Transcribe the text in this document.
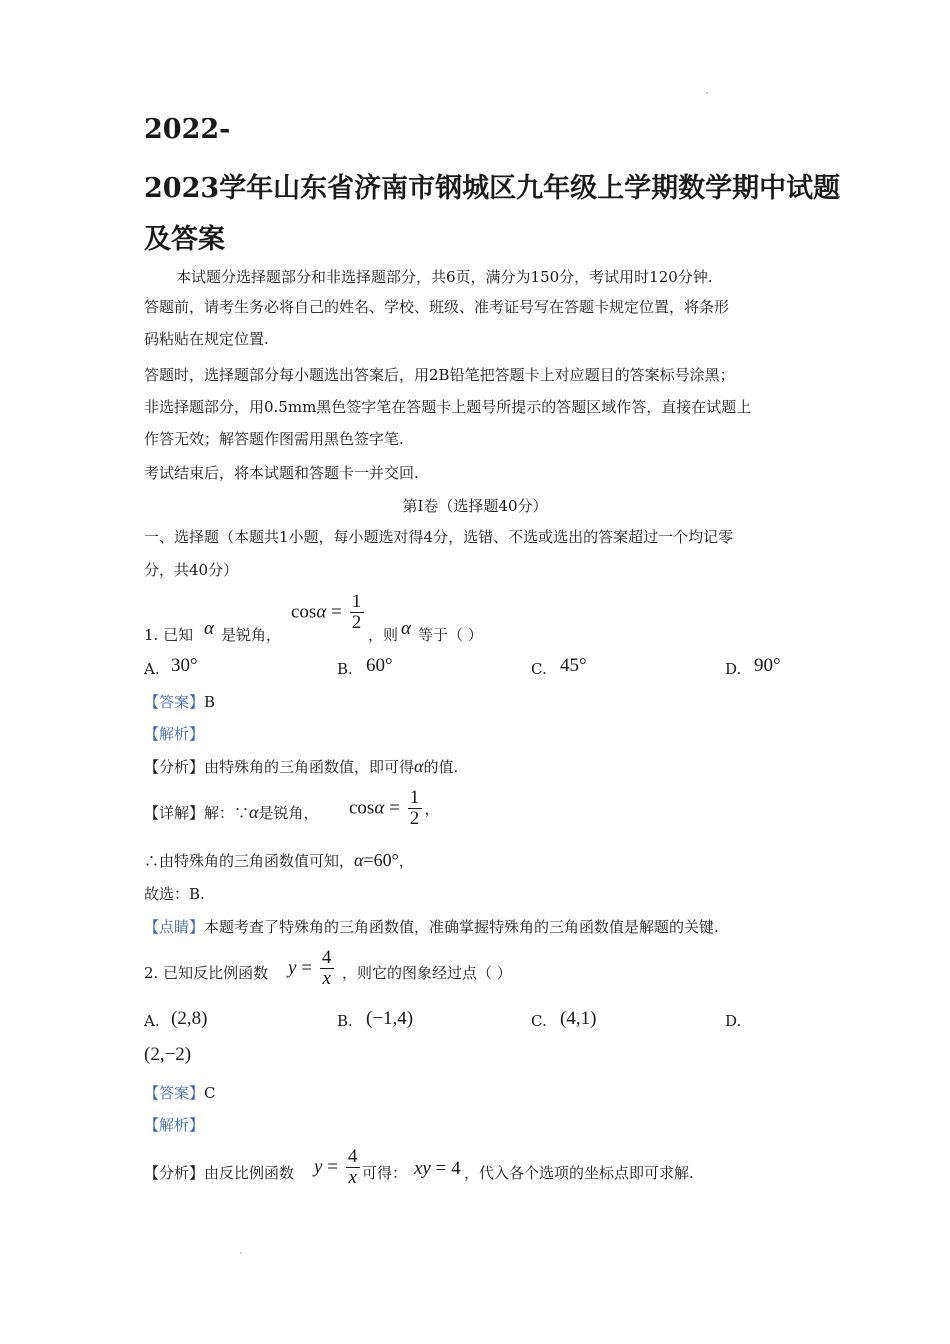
2022-
2023学年山东省济南市钢城区九年级上学期数学期中试题
及答案
本试题分选择题部分和非选择题部分，共6页，满分为150分，考试用时120分钟.
答题前，请考生务必将自己的姓名、学校、班级、准考证号写在答题卡规定位置，将条形
码粘贴在规定位置.
答题时，选择题部分每小题选出答案后，用2B铅笔把答题卡上对应题目的答案标号涂黑；
非选择题部分，用0.5mm黑色签字笔在答题卡上题号所提示的答题区域作答，直接在试题上
作答无效；解答题作图需用黑色签字笔.
考试结束后，将本试题和答题卡一并交回.
第Ⅰ卷（选择题40分）
一、选择题（本题共1小题，每小题选对得4分，选错、不选或选出的答案超过一个均记零
分，共40分）
1. 已知 α 是锐角，
$\cos\alpha = \frac{1}{2}$
，则 α 等于（ ）
A. 30°	B. 60°	C. 45°	D. 90°
【答案】B
【解析】
【分析】由特殊角的三角函数值，即可得α的值.
【详解】解：∵α是锐角， $\cos\alpha = \frac{1}{2}$ ，
∴由特殊角的三角函数值可知，α=60°，
故选：B.
【点睛】本题考查了特殊角的三角函数值，准确掌握特殊角的三角函数值是解题的关键.
2. 已知反比例函数 $y = \frac{4}{x}$ ，则它的图象经过点（ ）
A. (2,8)	B. (−1,4)	C. (4,1)	D.
(2,−2)
【答案】C
【解析】
【分析】由反比例函数 $y = \frac{4}{x}$ 可得： xy = 4 ，代入各个选项的坐标点即可求解.
